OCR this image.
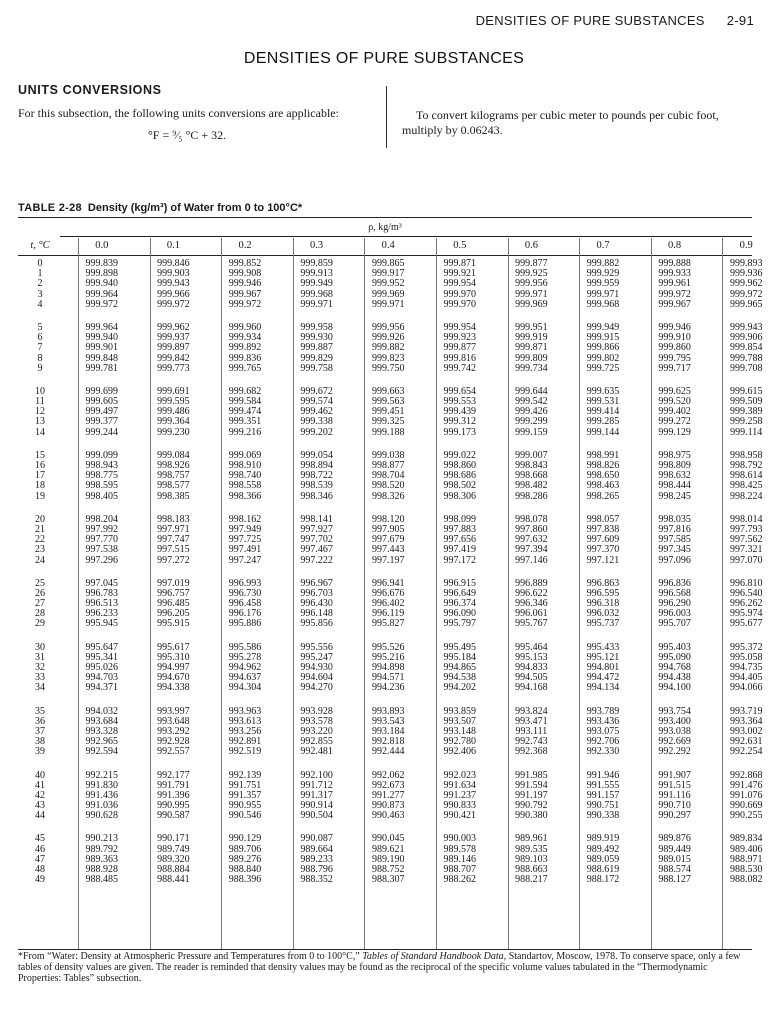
DENSITIES OF PURE SUBSTANCES 2-91
DENSITIES OF PURE SUBSTANCES
UNITS CONVERSIONS
For this subsection, the following units conversions are applicable:
°F = ⁹⁄₅ °C + 32.
To convert kilograms per cubic meter to pounds per cubic foot, multiply by 0.06243.
TABLE 2-28 Density (kg/m³) of Water from 0 to 100°C*
ρ, kg/m³
t, °C	0.0	0.1	0.2	0.3	0.4	0.5	0.6	0.7	0.8	0.9
0	999.839	999.846	999.852	999.859	999.865	999.871	999.877	999.882	999.888	999.893
1	999.898	999.903	999.908	999.913	999.917	999.921	999.925	999.929	999.933	999.936
2	999.940	999.943	999.946	999.949	999.952	999.954	999.956	999.959	999.961	999.962
3	999.964	999.966	999.967	999.968	999.969	999.970	999.971	999.971	999.972	999.972
4	999.972	999.972	999.972	999.971	999.971	999.970	999.969	999.968	999.967	999.965
5	999.964	999.962	999.960	999.958	999.956	999.954	999.951	999.949	999.946	999.943
6	999.940	999.937	999.934	999.930	999.926	999.923	999.919	999.915	999.910	999.906
7	999.901	999.897	999.892	999.887	999.882	999.877	999.871	999.866	999.860	999.854
8	999.848	999.842	999.836	999.829	999.823	999.816	999.809	999.802	999.795	999.788
9	999.781	999.773	999.765	999.758	999.750	999.742	999.734	999.725	999.717	999.708
10	999.699	999.691	999.682	999.672	999.663	999.654	999.644	999.635	999.625	999.615
11	999.605	999.595	999.584	999.574	999.563	999.553	999.542	999.531	999.520	999.509
12	999.497	999.486	999.474	999.462	999.451	999.439	999.426	999.414	999.402	999.389
13	999.377	999.364	999.351	999.338	999.325	999.312	999.299	999.285	999.272	999.258
14	999.244	999.230	999.216	999.202	999.188	999.173	999.159	999.144	999.129	999.114
15	999.099	999.084	999.069	999.054	999.038	999.022	999.007	998.991	998.975	998.958
16	998.943	998.926	998.910	998.894	998.877	998.860	998.843	998.826	998.809	998.792
17	998.775	998.757	998.740	998.722	998.704	998.686	998.668	998.650	998.632	998.614
18	998.595	998.577	998.558	998.539	998.520	998.502	998.482	998.463	998.444	998.425
19	998.405	998.385	998.366	998.346	998.326	998.306	998.286	998.265	998.245	998.224
20	998.204	998.183	998.162	998.141	998.120	998.099	998.078	998.057	998.035	998.014
21	997.992	997.971	997.949	997.927	997.905	997.883	997.860	997.838	997.816	997.793
22	997.770	997.747	997.725	997.702	997.679	997.656	997.632	997.609	997.585	997.562
23	997.538	997.515	997.491	997.467	997.443	997.419	997.394	997.370	997.345	997.321
24	997.296	997.272	997.247	997.222	997.197	997.172	997.146	997.121	997.096	997.070
25	997.045	997.019	996.993	996.967	996.941	996.915	996.889	996.863	996.836	996.810
26	996.783	996.757	996.730	996.703	996.676	996.649	996.622	996.595	996.568	996.540
27	996.513	996.485	996.458	996.430	996.402	996.374	996.346	996.318	996.290	996.262
28	996.233	996.205	996.176	996.148	996.119	996.090	996.061	996.032	996.003	995.974
29	995.945	995.915	995.886	995.856	995.827	995.797	995.767	995.737	995.707	995.677
30	995.647	995.617	995.586	995.556	995.526	995.495	995.464	995.433	995.403	995.372
31	995.341	995.310	995.278	995.247	995.216	995.184	995.153	995.121	995.090	995.058
32	995.026	994.997	994.962	994.930	994.898	994.865	994.833	994.801	994.768	994.735
33	994.703	994.670	994.637	994.604	994.571	994.538	994.505	994.472	994.438	994.405
34	994.371	994.338	994.304	994.270	994.236	994.202	994.168	994.134	994.100	994.066
35	994.032	993.997	993.963	993.928	993.893	993.859	993.824	993.789	993.754	993.719
36	993.684	993.648	993.613	993.578	993.543	993.507	993.471	993.436	993.400	993.364
37	993.328	993.292	993.256	993.220	993.184	993.148	993.111	993.075	993.038	993.002
38	992.965	992.928	992.891	992.855	992.818	992.780	992.743	992.706	992.669	992.631
39	992.594	992.557	992.519	992.481	992.444	992.406	992.368	992.330	992.292	992.254
40	992.215	992.177	992.139	992.100	992.062	992.023	991.985	991.946	991.907	992.868
41	991.830	991.791	991.751	991.712	992.673	991.634	991.594	991.555	991.515	991.476
42	991.436	991.396	991.357	991.317	991.277	991.237	991.197	991.157	991.116	991.076
43	991.036	990.995	990.955	990.914	990.873	990.833	990.792	990.751	990.710	990.669
44	990.628	990.587	990.546	990.504	990.463	990.421	990.380	990.338	990.297	990.255
45	990.213	990.171	990.129	990.087	990.045	990.003	989.961	989.919	989.876	989.834
46	989.792	989.749	989.706	989.664	989.621	989.578	989.535	989.492	989.449	989.406
47	989.363	989.320	989.276	989.233	989.190	989.146	989.103	989.059	989.015	988.971
48	988.928	988.884	988.840	988.796	988.752	988.707	988.663	988.619	988.574	988.530
49	988.485	988.441	988.396	988.352	988.307	988.262	988.217	988.172	988.127	988.082
*From “Water: Density at Atmospheric Pressure and Temperatures from 0 to 100°C,” Tables of Standard Handbook Data, Standartov, Moscow, 1978. To conserve space, only a few tables of density values are given. The reader is reminded that density values may be found as the reciprocal of the specific volume values tabulated in the “Thermodynamic Properties: Tables” subsection.
